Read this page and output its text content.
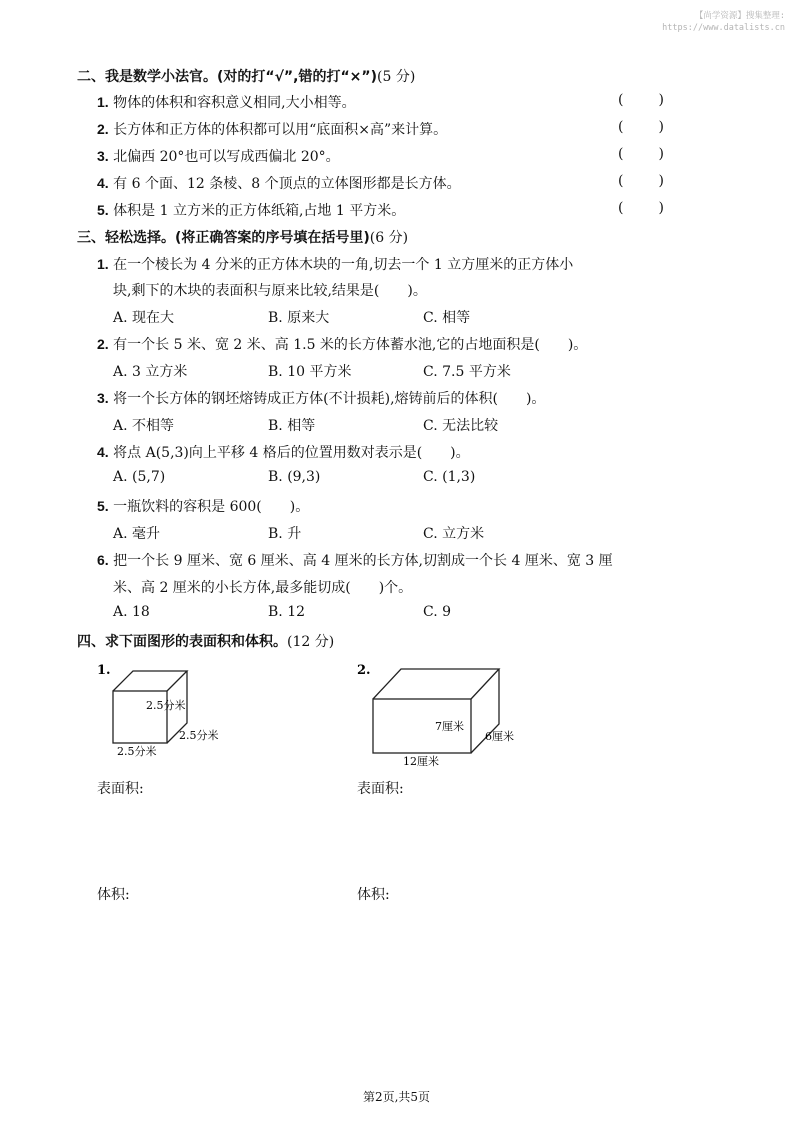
【尚学资源】搜集整理:
https://www.datalists.cn
二、我是数学小法官。(对的打“√”,错的打“×”)(5 分)
1. 物体的体积和容积意义相同,大小相等。	(	)
2. 长方体和正方体的体积都可以用“底面积×高”来计算。	(	)
3. 北偏西 20°也可以写成西偏北 20°。	(	)
4. 有 6 个面、12 条棱、8 个顶点的立体图形都是长方体。	(	)
5. 体积是 1 立方米的正方体纸箱,占地 1 平方米。	(	)
三、轻松选择。(将正确答案的序号填在括号里)(6 分)
1. 在一个棱长为 4 分米的正方体木块的一角,切去一个 1 立方厘米的正方体小
块,剩下的木块的表面积与原来比较,结果是(　　)。
A. 现在大	B. 原来大	C. 相等
2. 有一个长 5 米、宽 2 米、高 1.5 米的长方体蓄水池,它的占地面积是(　　)。
A. 3 立方米	B. 10 平方米	C. 7.5 平方米
3. 将一个长方体的钢坯熔铸成正方体(不计损耗),熔铸前后的体积(　　)。
A. 不相等	B. 相等	C. 无法比较
4. 将点 A(5,3)向上平移 4 格后的位置用数对表示是(　　)。
A. (5,7)	B. (9,3)	C. (1,3)
5. 一瓶饮料的容积是 600(　　)。
A. 毫升	B. 升	C. 立方米
6. 把一个长 9 厘米、宽 6 厘米、高 4 厘米的长方体,切割成一个长 4 厘米、宽 3 厘
米、高 2 厘米的小长方体,最多能切成(　　)个。
A. 18	B. 12	C. 9
四、求下面图形的表面积和体积。(12 分)
1.
2.5分米
2.5分米
2.5分米
2.
7厘米
6厘米
12厘米
表面积:	表面积:
体积:	体积:
第2页,共5页
